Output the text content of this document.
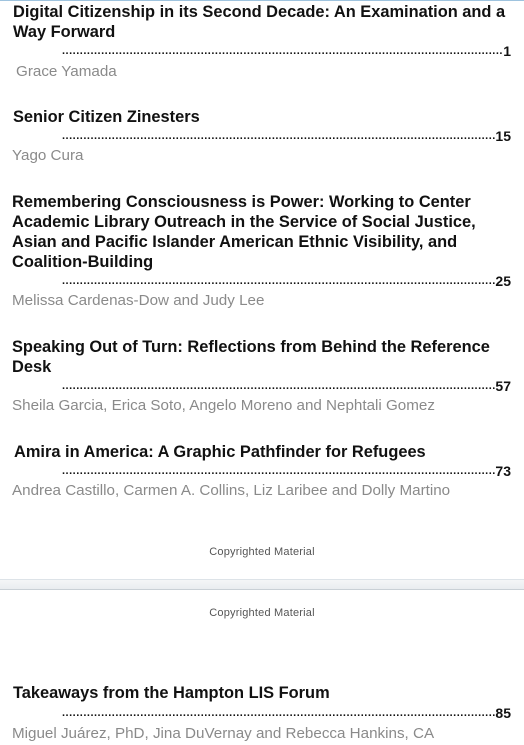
Digital Citizenship in its Second Decade: An Examination and a Way Forward

.....
1
Grace Yamada

Senior Citizen Zinesters

.....
15
Yago Cura

Remembering Consciousness is Power: Working to Center Academic Library Outreach in the Service of Social Justice, Asian and Pacific Islander American Ethnic Visibility, and Coalition-Building

.....
25
Melissa Cardenas-Dow and Judy Lee

Speaking Out of Turn: Reflections from Behind the Reference Desk

.....
57
Sheila Garcia, Erica Soto, Angelo Moreno and Nephtali Gomez

Amira in America: A Graphic Pathfinder for Refugees

.....
73
Andrea Castillo, Carmen A. Collins, Liz Laribee and Dolly Martino
Copyrighted Material
Copyrighted Material

Takeaways from the Hampton LIS Forum

.....
85
Miguel Juárez, PhD, Jina DuVernay and Rebecca Hankins, CA
